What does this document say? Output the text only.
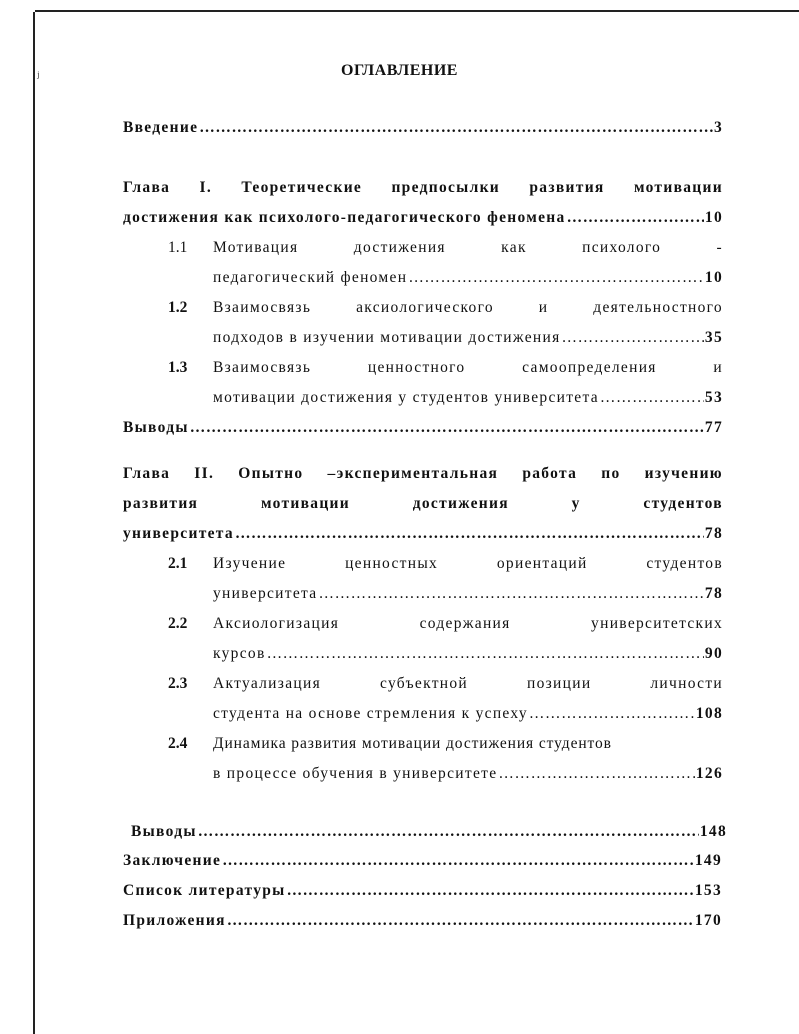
ʲ	ОГЛАВЛЕНИЕ
Введение ……………………………………………………………………………………………………………………………………	3
Глава I. Теоретические предпосылки развития мотивации
достижения как психолого-педагогического феномена ……………………………………………………………………………………………………………………………………	10
1.1 Мотивация	достижения	как	психолого	-
педагогический феномен ……………………………………………………………………………………………………………………………………	10
1.2 Взаимосвязь	аксиологического	и	деятельностного
подходов в изучении мотивации достижения ……………………………………………………………………………………………………………………………………	35
1.3 Взаимосвязь	ценностного	самоопределения	и
мотивации достижения у студентов университета ……………………………………………………………………………………………………………………………………	53
Выводы ……………………………………………………………………………………………………………………………………	77
Глава II. Опытно –экспериментальная работа по изучению
развития	мотивации	достижения	у	студентов
университета ……………………………………………………………………………………………………………………………………	78
2.1 Изучение	ценностных	ориентаций	студентов
университета ……………………………………………………………………………………………………………………………………	78
2.2 Аксиологизация	содержания	университетских
курсов ……………………………………………………………………………………………………………………………………	90
2.3 Актуализация	субъектной	позиции	личности
студента на основе стремления к успеху ……………………………………………………………………………………………………………………………………	108
2.4 Динамика развития мотивации достижения студентов
в процессе обучения в университете ……………………………………………………………………………………………………………………………………	126
Выводы ……………………………………………………………………………………………………………………………………	148
Заключение ……………………………………………………………………………………………………………………………………	149
Список литературы ……………………………………………………………………………………………………………………………………	153
Приложения ……………………………………………………………………………………………………………………………………	170
